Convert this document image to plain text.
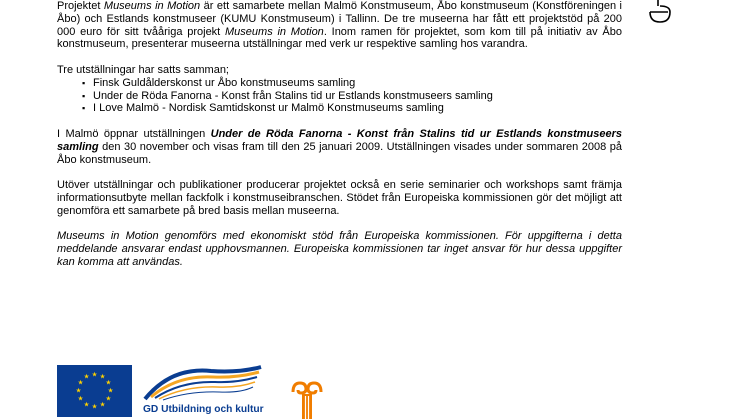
Projektet Museums in Motion är ett samarbete mellan Malmö Konstmuseum, Åbo konstmuseum (Konstföreningen i Åbo) och Estlands konstmuseer (KUMU Konstmuseum) i Tallinn. De tre museerna har fått ett projektstöd på 200 000 euro för sitt tvååriga projekt Museums in Motion. Inom ramen för projektet, som kom till på initiativ av Åbo konstmuseum, presenterar museerna utställningar med verk ur respektive samling hos varandra.

Tre utställningar har satts samman;

▪ Finsk Guldålderskonst ur Åbo konstmuseums samling
▪ Under de Röda Fanorna - Konst från Stalins tid ur Estlands konstmuseers samling
▪ I Love Malmö - Nordisk Samtidskonst ur Malmö Konstmuseums samling

I Malmö öppnar utställningen Under de Röda Fanorna - Konst från Stalins tid ur Estlands konstmuseers samling den 30 november och visas fram till den 25 januari 2009. Utställningen visades under sommaren 2008 på Åbo konstmuseum.

Utöver utställningar och publikationer producerar projektet också en serie seminarier och workshops samt främja informationsutbyte mellan fackfolk i konstmuseibranschen. Stödet från Europeiska kommissionen gör det möjligt att genomföra ett samarbete på bred basis mellan museerna.

Museums in Motion genomförs med ekonomiskt stöd från Europeiska kommissionen. För uppgifterna i detta meddelande ansvarar endast upphovsmannen. Europeiska kommissionen tar inget ansvar för hur dessa uppgifter kan komma att användas.

★ ★
★
★
★
★
★
★
★
★
★
★
GD Utbildning och kultur
